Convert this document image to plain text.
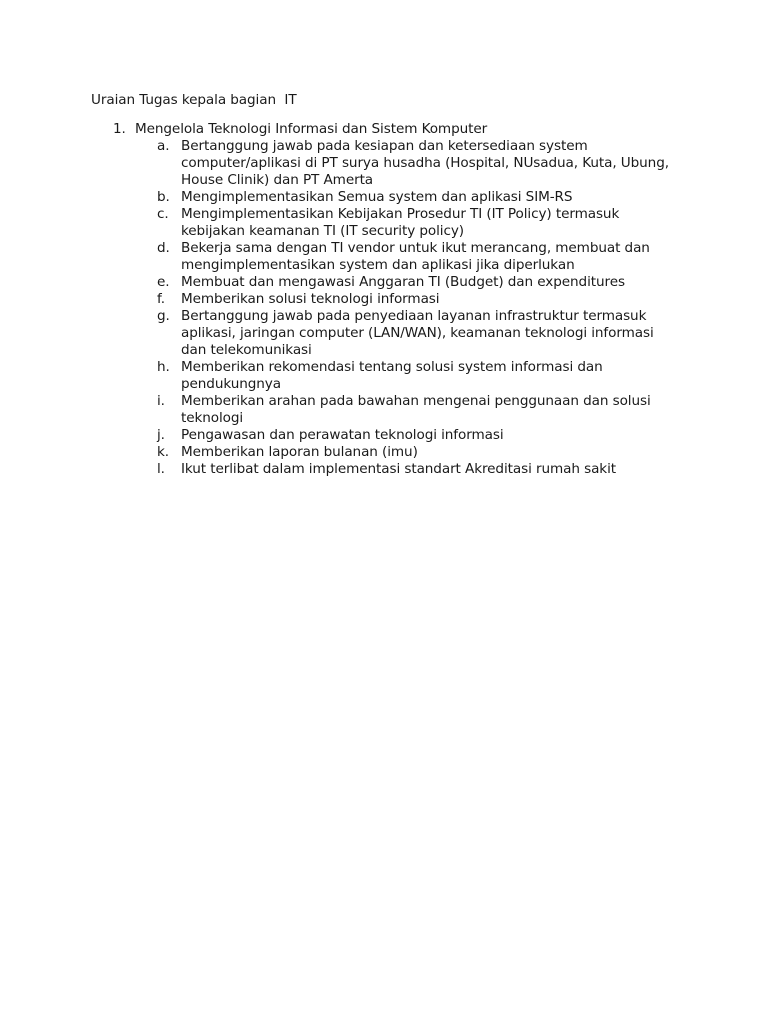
Uraian Tugas kepala bagian  IT
1. Mengelola Teknologi Informasi dan Sistem Komputer
a. Bertanggung jawab pada kesiapan dan ketersediaan system computer/aplikasi di PT surya husadha (Hospital, NUsadua, Kuta, Ubung, House Clinik) dan PT Amerta
b. Mengimplementasikan Semua system dan aplikasi SIM-RS
c. Mengimplementasikan Kebijakan Prosedur TI (IT Policy) termasuk kebijakan keamanan TI (IT security policy)
d. Bekerja sama dengan TI vendor untuk ikut merancang, membuat dan mengimplementasikan system dan aplikasi jika diperlukan
e. Membuat dan mengawasi Anggaran TI (Budget) dan expenditures
f. Memberikan solusi teknologi informasi
g. Bertanggung jawab pada penyediaan layanan infrastruktur termasuk aplikasi, jaringan computer (LAN/WAN), keamanan teknologi informasi dan telekomunikasi
h. Memberikan rekomendasi tentang solusi system informasi dan pendukungnya
i. Memberikan arahan pada bawahan mengenai penggunaan dan solusi teknologi
j. Pengawasan dan perawatan teknologi informasi
k. Memberikan laporan bulanan (imu)
l. Ikut terlibat dalam implementasi standart Akreditasi rumah sakit
